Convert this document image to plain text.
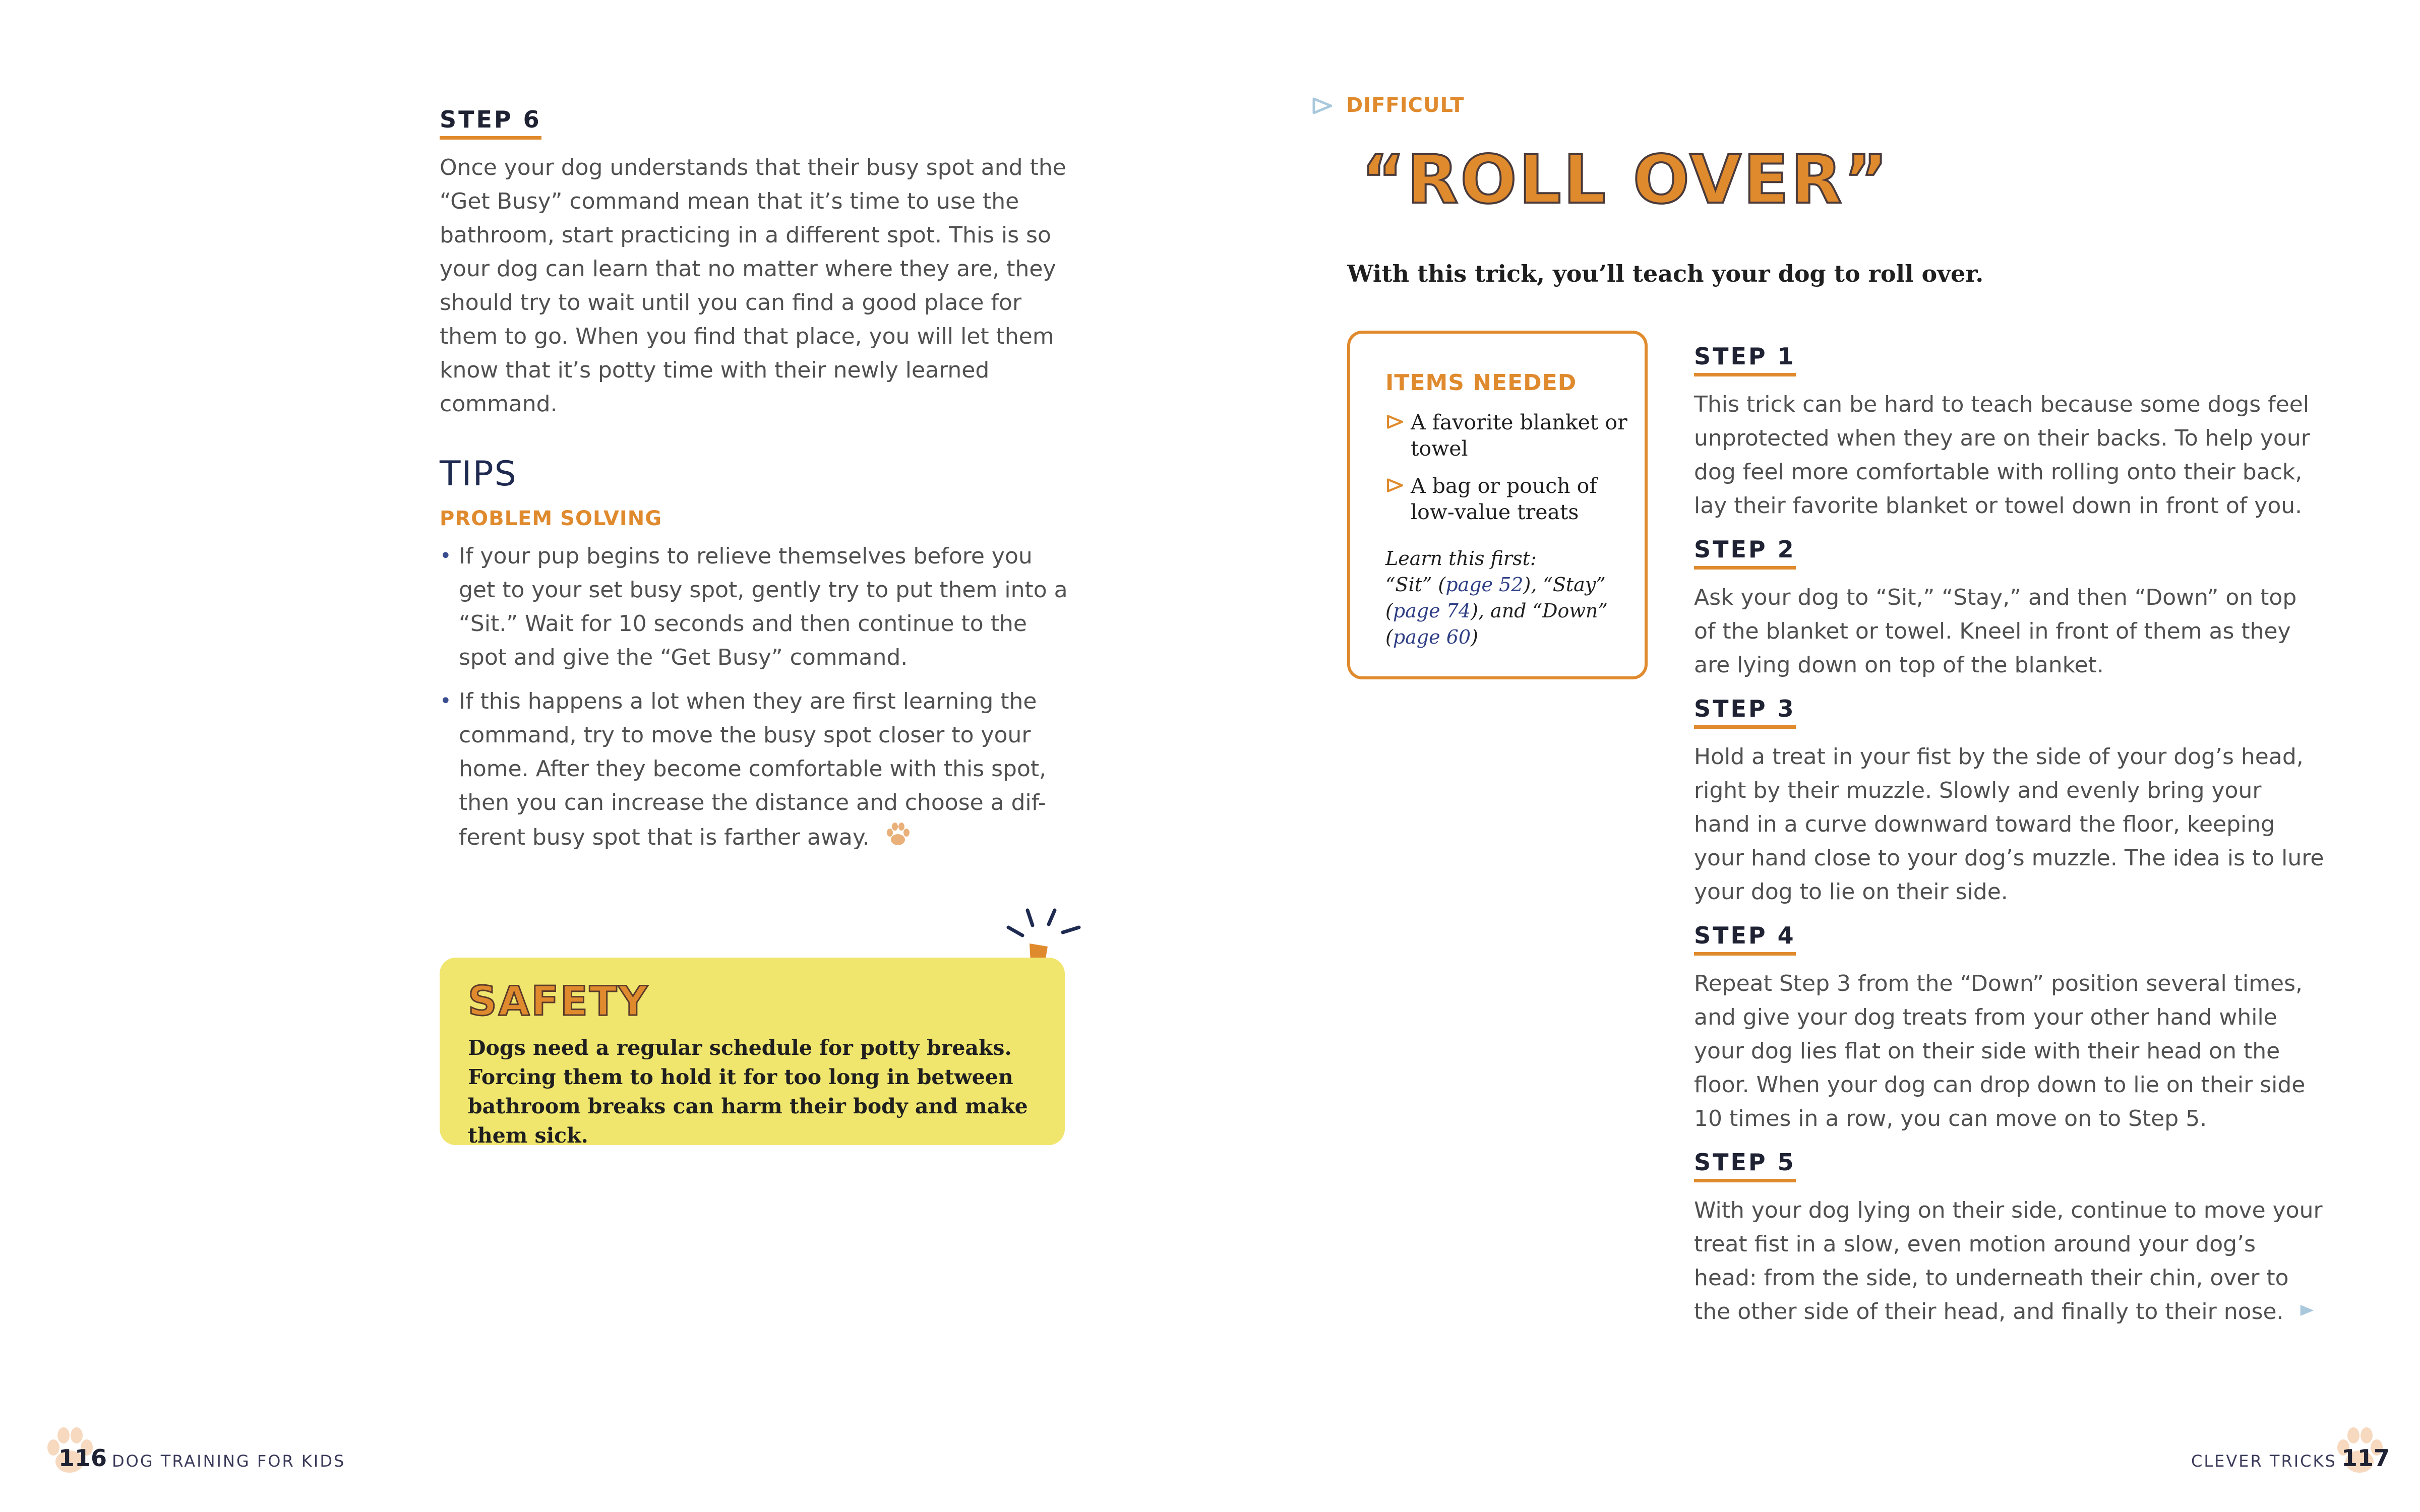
STEP 6
Once your dog understands that their busy spot and the “Get Busy” command mean that it’s time to use the bathroom, start practicing in a different spot. This is so your dog can learn that no matter where they are, they should try to wait until you can find a good place for them to go. When you find that place, you will let them know that it’s potty time with their newly learned command.
TIPS
PROBLEM SOLVING
• If your pup begins to relieve themselves before you get to your set busy spot, gently try to put them into a “Sit.” Wait for 10 seconds and then continue to the spot and give the “Get Busy” command.
• If this happens a lot when they are first learning the command, try to move the busy spot closer to your home. After they become comfortable with this spot, then you can increase the distance and choose a dif-ferent busy spot that is farther away.
SAFETY
Dogs need a regular schedule for potty breaks. Forcing them to hold it for too long in between bathroom breaks can harm their body and make them sick.
116 DOG TRAINING FOR KIDS
DIFFICULT
“ROLL OVER”
With this trick, you’ll teach your dog to roll over.
ITEMS NEEDED
A favorite blanket or towel
A bag or pouch of low-value treats
Learn this first:
“Sit” (page 52), “Stay” (page 74), and “Down” (page 60)
STEP 1
This trick can be hard to teach because some dogs feel unprotected when they are on their backs. To help your dog feel more comfortable with rolling onto their back, lay their favorite blanket or towel down in front of you.
STEP 2
Ask your dog to “Sit,” “Stay,” and then “Down” on top of the blanket or towel. Kneel in front of them as they are lying down on top of the blanket.
STEP 3
Hold a treat in your fist by the side of your dog’s head, right by their muzzle. Slowly and evenly bring your hand in a curve downward toward the floor, keeping your hand close to your dog’s muzzle. The idea is to lure your dog to lie on their side.
STEP 4
Repeat Step 3 from the “Down” position several times, and give your dog treats from your other hand while your dog lies flat on their side with their head on the floor. When your dog can drop down to lie on their side 10 times in a row, you can move on to Step 5.
STEP 5
With your dog lying on their side, continue to move your treat fist in a slow, even motion around your dog’s head: from the side, to underneath their chin, over to the other side of their head, and finally to their nose.
CLEVER TRICKS 117
